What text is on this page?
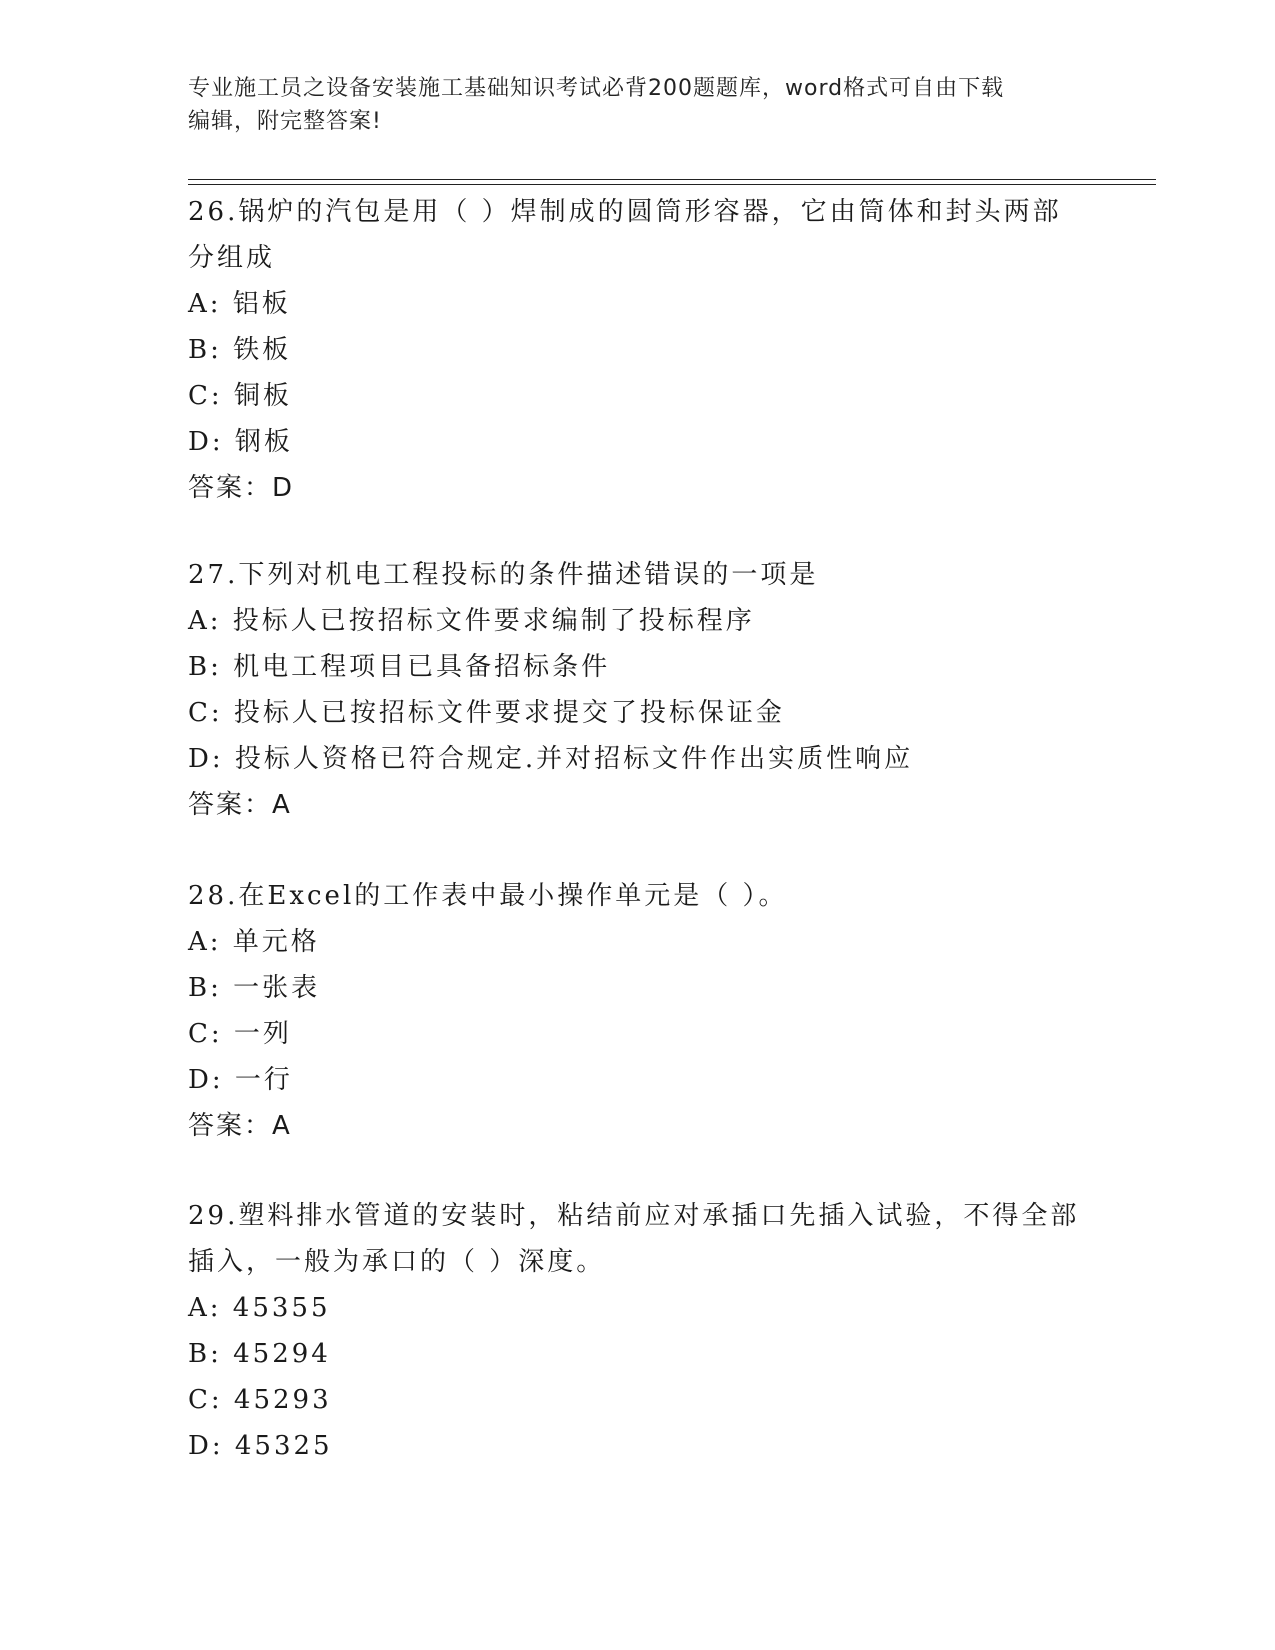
专业施工员之设备安装施工基础知识考试必背200题题库，word格式可自由下载
编辑，附完整答案!
26.锅炉的汽包是用（ ）焊制成的圆筒形容器，它由筒体和封头两部
分组成
A: 铝板
B: 铁板
C: 铜板
D: 钢板
答案：D
27.下列对机电工程投标的条件描述错误的一项是
A: 投标人已按招标文件要求编制了投标程序
B: 机电工程项目已具备招标条件
C: 投标人已按招标文件要求提交了投标保证金
D: 投标人资格已符合规定.并对招标文件作出实质性响应
答案：A
28.在Excel的工作表中最小操作单元是（ ）。
A: 单元格
B: 一张表
C: 一列
D: 一行
答案：A
29.塑料排水管道的安装时，粘结前应对承插口先插入试验，不得全部
插入，一般为承口的（ ）深度。
A: 45355
B: 45294
C: 45293
D: 45325
